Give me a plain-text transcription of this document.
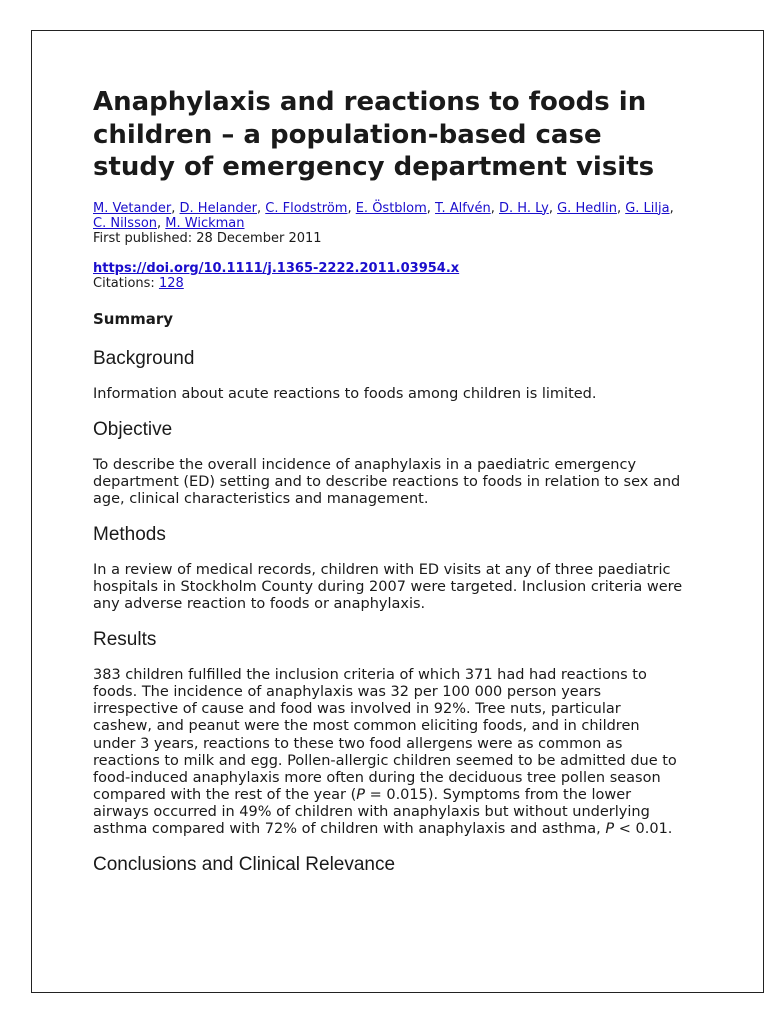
Anaphylaxis and reactions to foods in children – a population-based case study of emergency department visits
M. Vetander, D. Helander, C. Flodström, E. Östblom, T. Alfvén, D. H. Ly, G. Hedlin, G. Lilja, C. Nilsson, M. Wickman
First published: 28 December 2011
https://doi.org/10.1111/j.1365-2222.2011.03954.x
Citations: 128
Summary
Background

Information about acute reactions to foods among children is limited.

Objective

To describe the overall incidence of anaphylaxis in a paediatric emergency department (ED) setting and to describe reactions to foods in relation to sex and age, clinical characteristics and management.

Methods

In a review of medical records, children with ED visits at any of three paediatric hospitals in Stockholm County during 2007 were targeted. Inclusion criteria were any adverse reaction to foods or anaphylaxis.

Results

383 children fulfilled the inclusion criteria of which 371 had had reactions to foods. The incidence of anaphylaxis was 32 per 100 000 person years irrespective of cause and food was involved in 92%. Tree nuts, particular cashew, and peanut were the most common eliciting foods, and in children under 3 years, reactions to these two food allergens were as common as reactions to milk and egg. Pollen-allergic children seemed to be admitted due to food-induced anaphylaxis more often during the deciduous tree pollen season compared with the rest of the year (P = 0.015). Symptoms from the lower airways occurred in 49% of children with anaphylaxis but without underlying asthma compared with 72% of children with anaphylaxis and asthma, P < 0.01.

Conclusions and Clinical Relevance
